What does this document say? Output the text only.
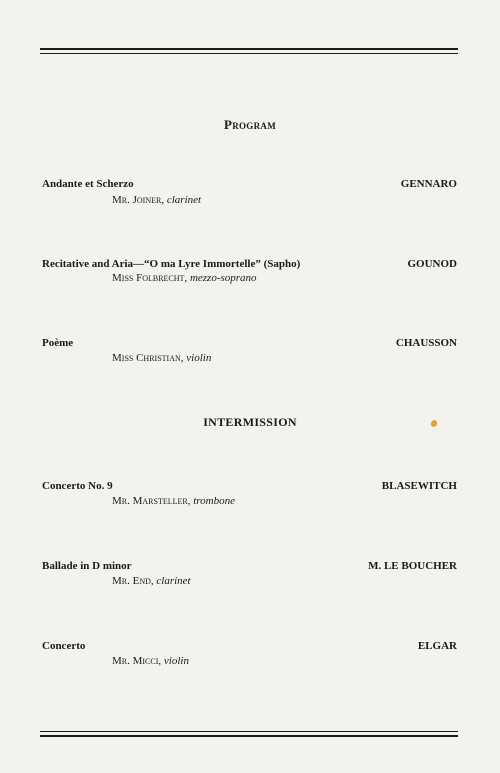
Program
Andante et Scherzo	GENNARO
Mr. Joiner, clarinet
Recitative and Aria—“O ma Lyre Immortelle” (Sapho)	GOUNOD
Miss Folbrecht, mezzo-soprano
Poème	CHAUSSON
Miss Christian, violin
INTERMISSION
Concerto No. 9	BLASEWITCH
Mr. Marsteller, trombone
Ballade in D minor	M. LE BOUCHER
Mr. End, clarinet
Concerto	ELGAR
Mr. Micci, violin
